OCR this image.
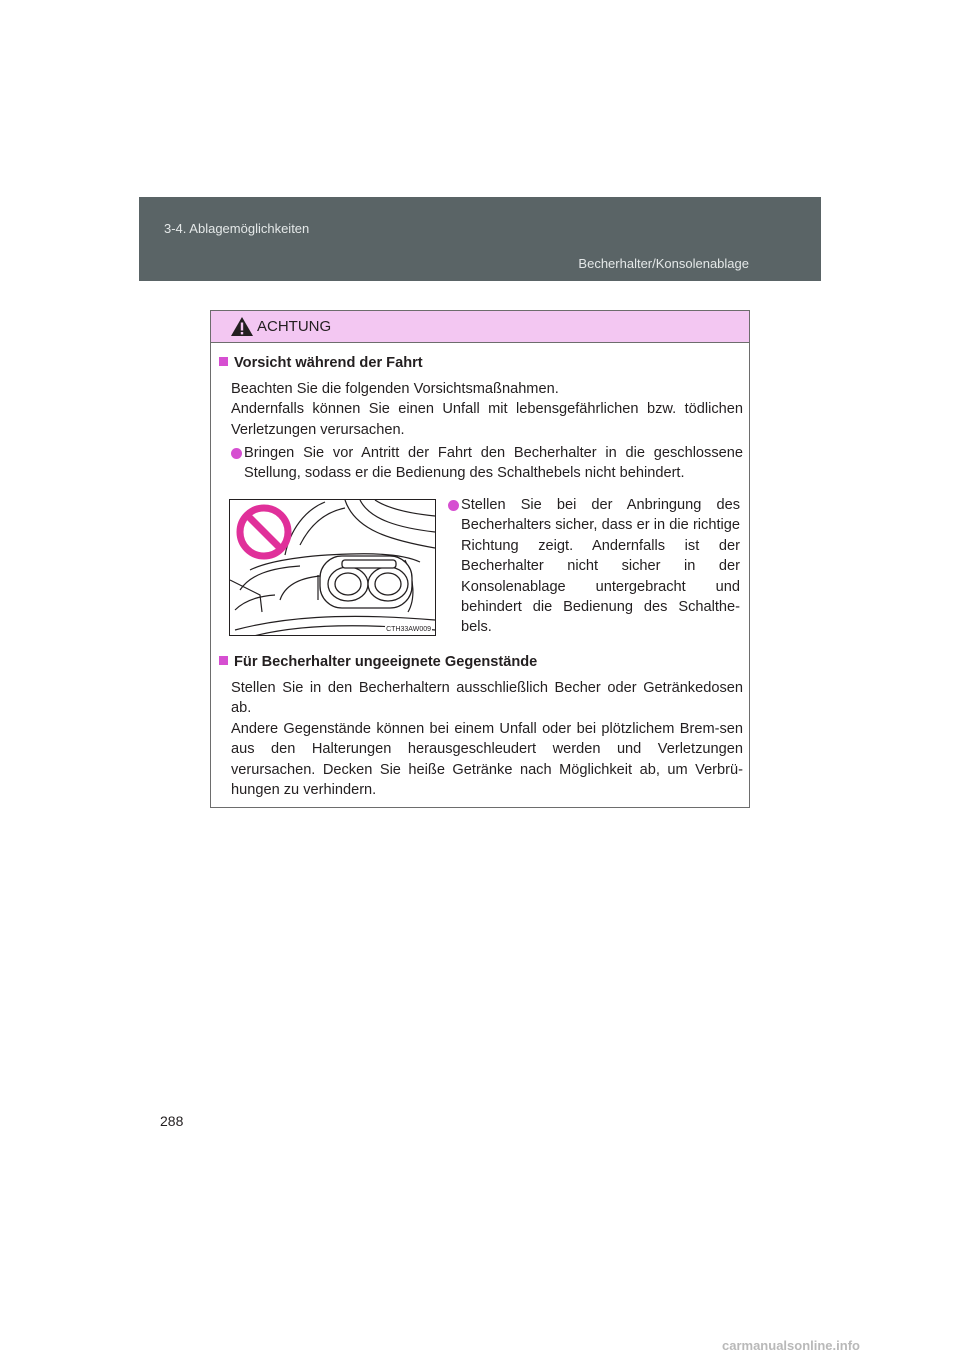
3-4. Ablagemöglichkeiten
Becherhalter/Konsolenablage
ACHTUNG
Vorsicht während der Fahrt

Beachten Sie die folgenden Vorsichtsmaßnahmen.

Andernfalls können Sie einen Unfall mit lebensgefährlichen bzw. tödlichen Verletzungen verursachen.

Bringen Sie vor Antritt der Fahrt den Becherhalter in die geschlossene Stellung, sodass er die Bedienung des Schalthebels nicht behindert.
CTH33AW009
Stellen Sie bei der Anbringung des Becherhalters sicher, dass er in die richtige Richtung zeigt. Andernfalls ist der Becherhalter nicht sicher in der Konsolenablage untergebracht und behindert die Bedienung des Schalthe-bels.
Für Becherhalter ungeeignete Gegenstände

Stellen Sie in den Becherhaltern ausschließlich Becher oder Getränkedosen ab.

Andere Gegenstände können bei einem Unfall oder bei plötzlichem Brem-sen aus den Halterungen herausgeschleudert werden und Verletzungen verursachen. Decken Sie heiße Getränke nach Möglichkeit ab, um Verbrü-hungen zu verhindern.

288
carmanualsonline.info
